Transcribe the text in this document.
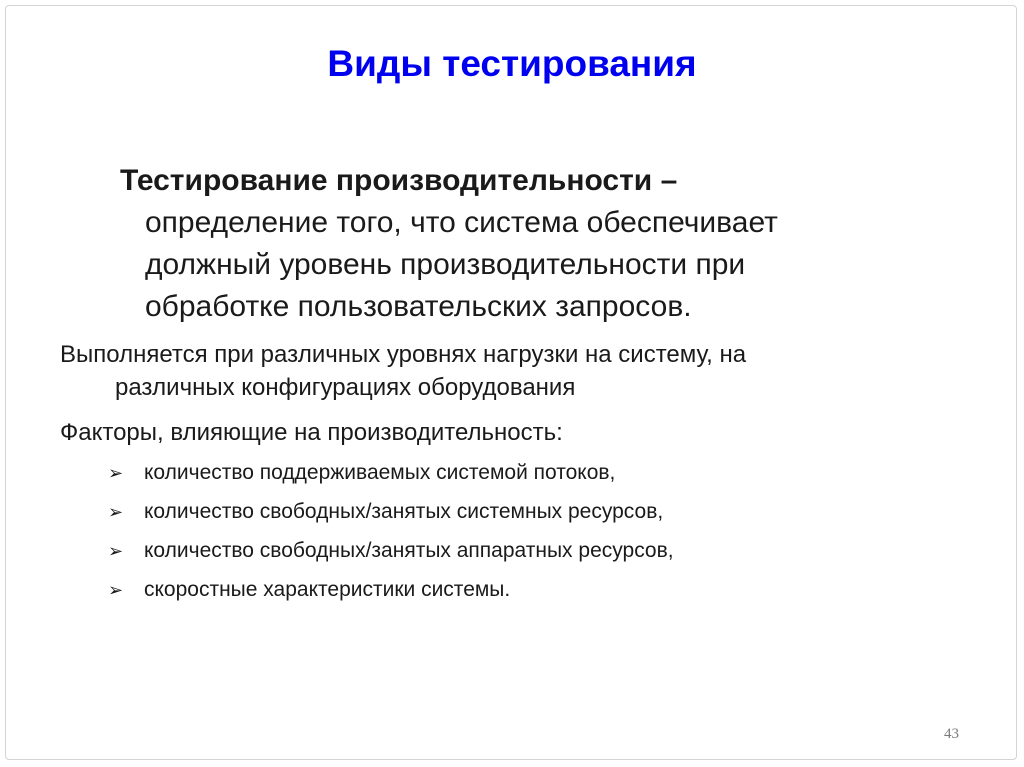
Виды тестирования
Тестирование производительности –
определение того, что система обеспечивает
должный уровень производительности при
обработке пользовательских запросов.
Выполняется при различных уровнях нагрузки на систему, на
различных конфигурациях оборудования
Факторы, влияющие на производительность:
➢ количество поддерживаемых системой потоков,
➢ количество свободных/занятых системных ресурсов,
➢ количество свободных/занятых аппаратных ресурсов,
➢ скоростные характеристики системы.
43
